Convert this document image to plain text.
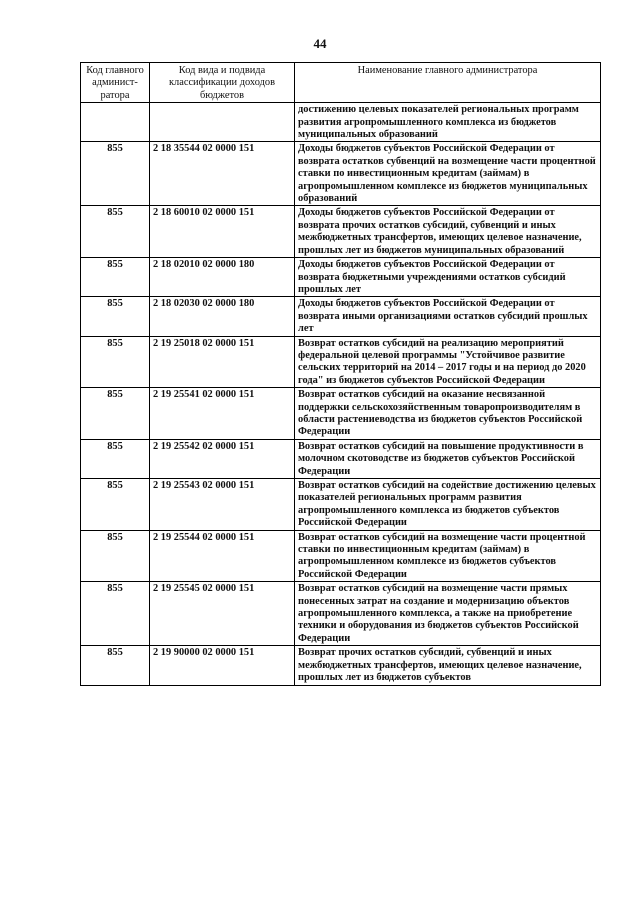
44
Код главного админист-ратора	Код вида и подвида классификации доходов бюджетов	Наименование главного администратора
		достижению целевых показателей региональных программ развития агропромышленного комплекса из бюджетов муниципальных образований
855	2 18 35544 02 0000 151	Доходы бюджетов субъектов Российской Федерации от возврата остатков субвенций на возмещение части процентной ставки по инвестиционным кредитам (займам) в агропромышленном комплексе из бюджетов муниципальных образований
855	2 18 60010 02 0000 151	Доходы бюджетов субъектов Российской Федерации от возврата прочих остатков субсидий, субвенций и иных межбюджетных трансфертов, имеющих целевое назначение, прошлых лет из бюджетов муниципальных образований
855	2 18 02010 02 0000 180	Доходы бюджетов субъектов Российской Федерации от возврата бюджетными учреждениями остатков субсидий прошлых лет
855	2 18 02030 02 0000 180	Доходы бюджетов субъектов Российской Федерации от возврата иными организациями остатков субсидий прошлых лет
855	2 19 25018 02 0000 151	Возврат остатков субсидий на реализацию мероприятий федеральной целевой программы "Устойчивое развитие сельских территорий на 2014 – 2017 годы и на период до 2020 года" из бюджетов субъектов Российской Федерации
855	2 19 25541 02 0000 151	Возврат остатков субсидий на оказание несвязанной поддержки сельскохозяйственным товаропроизводителям в области растениеводства из бюджетов субъектов Российской Федерации
855	2 19 25542 02 0000 151	Возврат остатков субсидий на повышение продуктивности в молочном скотоводстве из бюджетов субъектов Российской Федерации
855	2 19 25543 02 0000 151	Возврат остатков субсидий на содействие достижению целевых показателей региональных программ развития агропромышленного комплекса из бюджетов субъектов Российской Федерации
855	2 19 25544 02 0000 151	Возврат остатков субсидий на возмещение части процентной ставки по инвестиционным кредитам (займам) в агропромышленном комплексе из бюджетов субъектов Российской Федерации
855	2 19 25545 02 0000 151	Возврат остатков субсидий на возмещение части прямых понесенных затрат на создание и модернизацию объектов агропромышленного комплекса, а также на приобретение техники и оборудования из бюджетов субъектов Российской Федерации
855	2 19 90000 02 0000 151	Возврат прочих остатков субсидий, субвенций и иных межбюджетных трансфертов, имеющих целевое назначение, прошлых лет из бюджетов субъектов
